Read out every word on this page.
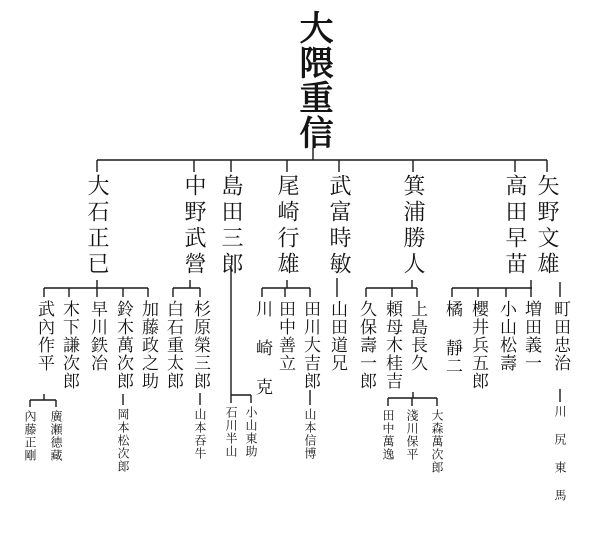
大隈重信
矢野文雄
高田早苗
箕浦勝人
武富時敏
尾崎行雄
島田三郎
中野武營
大石正已
町田忠治
増田義一
小山松壽
櫻井兵五郎
橘 靜二
上島長久
頼母木桂吉
久保壽一郎
山田道兄
田川大吉郎
田中善立
川 崎 克
杉原榮三郎
白石重太郎
加藤政之助
鈴木萬次郎
早川鉄冶
木下謙次郎
武內作平
川 尻 東 馬
大森萬次郎
淺川保平
田中萬逸
山本信博
小山東助
石川半山
山本吞牛
岡本松次郎
廣瀬徳藏
內藤正剛
